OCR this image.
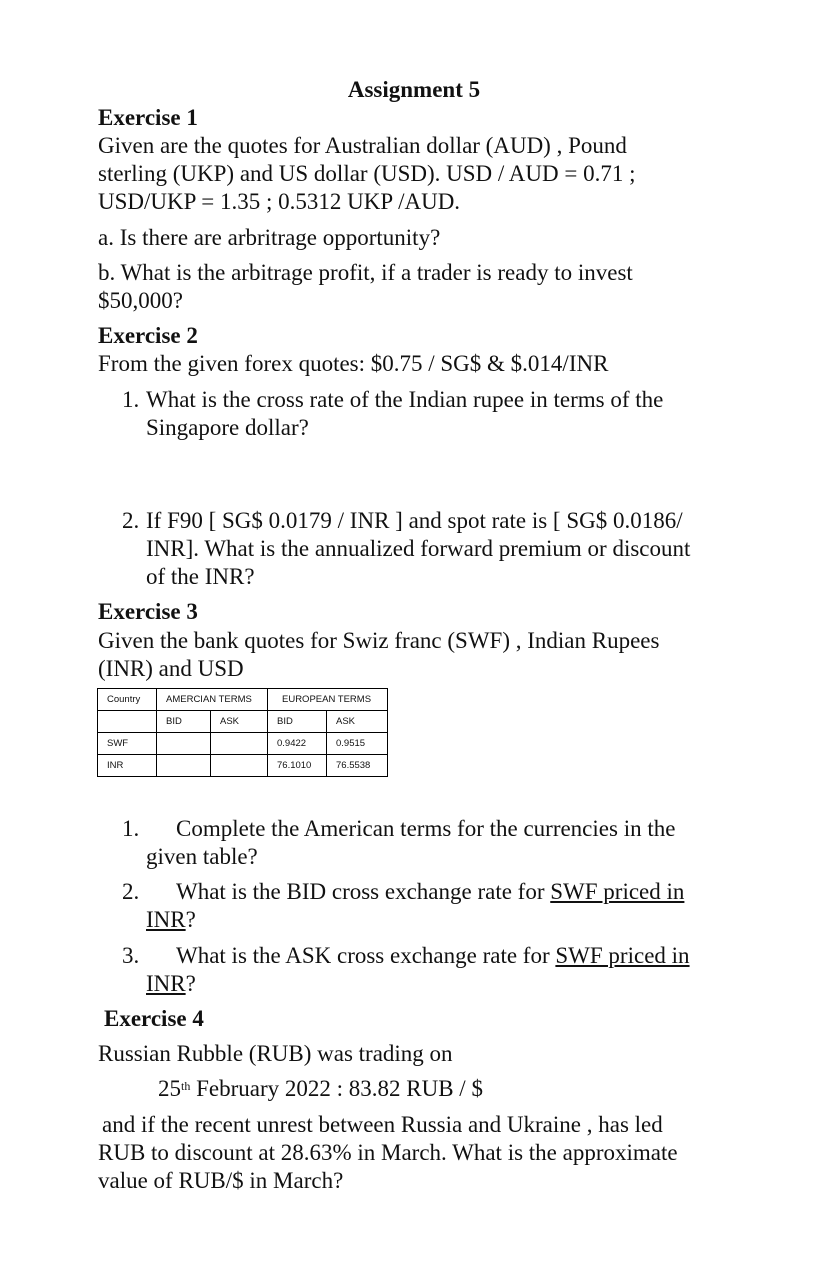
Assignment 5
Exercise 1
Given are the quotes for Australian dollar (AUD) , Pound
sterling (UKP) and US dollar (USD). USD / AUD = 0.71 ;
USD/UKP = 1.35 ; 0.5312 UKP /AUD.
a. Is there are arbritrage opportunity?
b. What is the arbitrage profit, if a trader is ready to invest
$50,000?
Exercise 2
From the given forex quotes: $0.75 / SG$ & $.014/INR
1. What is the cross rate of the Indian rupee in terms of the
Singapore dollar?
2. If F90 [ SG$ 0.0179 / INR ] and spot rate is [ SG$ 0.0186/
INR]. What is the annualized forward premium or discount
of the INR?
Exercise 3
Given the bank quotes for Swiz franc (SWF) , Indian Rupees
(INR) and USD
Country	AMERCIAN TERMS		EUROPEAN TERMS	
	BID	ASK	BID	ASK
SWF			0.9422	0.9515
INR			76.1010	76.5538
1. Complete the American terms for the currencies in the
given table?
2. What is the BID cross exchange rate for SWF priced in
INR?
3. What is the ASK cross exchange rate for SWF priced in
INR?
Exercise 4
Russian Rubble (RUB) was trading on
25th February 2022 : 83.82 RUB / $
and if the recent unrest between Russia and Ukraine , has led
RUB to discount at 28.63% in March. What is the approximate
value of RUB/$ in March?
